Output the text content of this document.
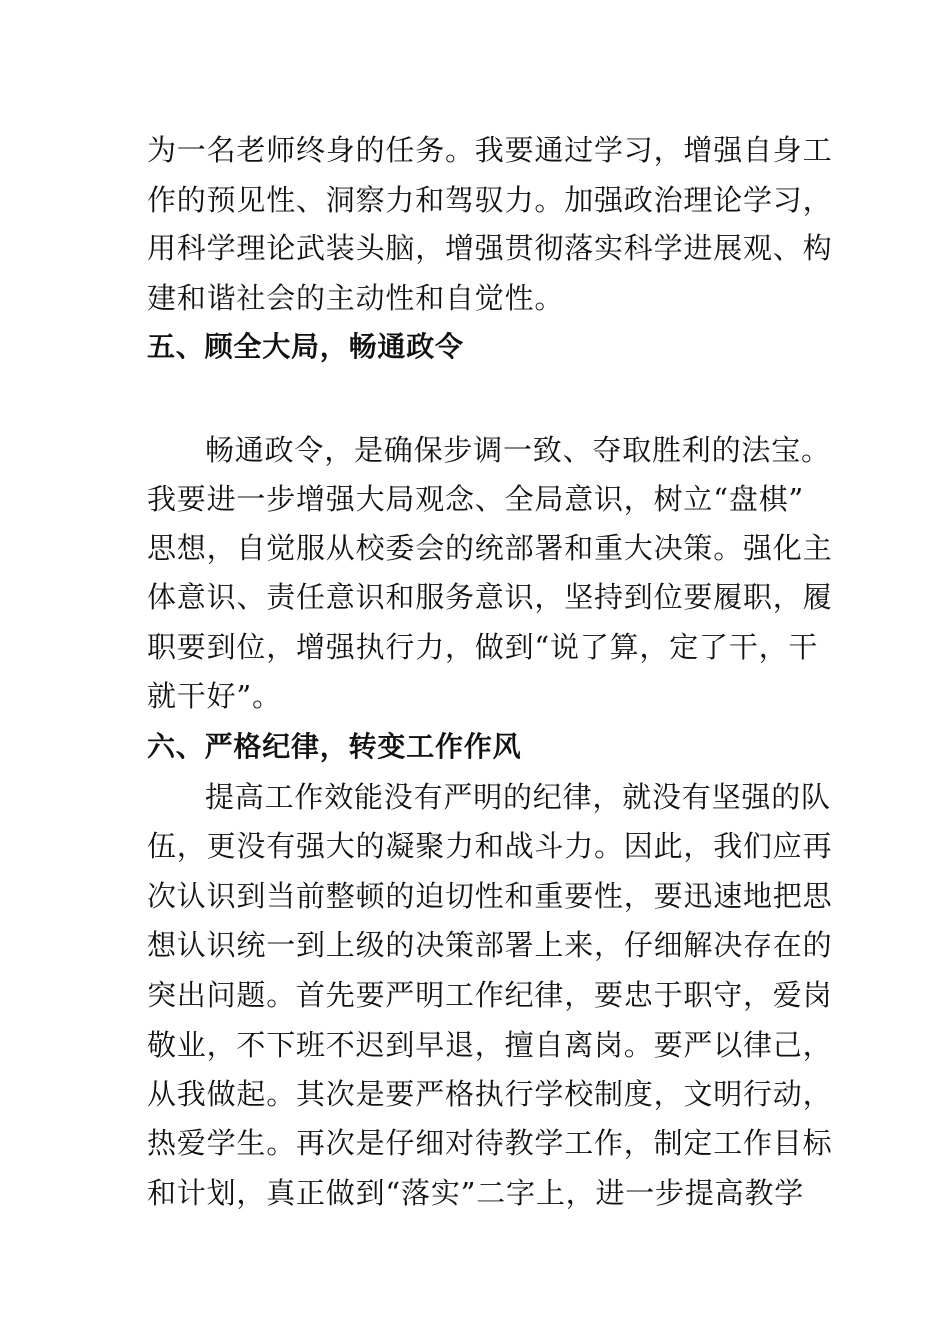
为一名老师终身的任务。我要通过学习，增强自身工
作的预见性、洞察力和驾驭力。加强政治理论学习，
用科学理论武装头脑，增强贯彻落实科学进展观、构
建和谐社会的主动性和自觉性。
五、顾全大局，畅通政令
畅通政令，是确保步调一致、夺取胜利的法宝。
我要进一步增强大局观念、全局意识，树立“盘棋”
思想，自觉服从校委会的统部署和重大决策。强化主
体意识、责任意识和服务意识，坚持到位要履职，履
职要到位，增强执行力，做到“说了算，定了干，干
就干好”。
六、严格纪律，转变工作作风
提高工作效能没有严明的纪律，就没有坚强的队
伍，更没有强大的凝聚力和战斗力。因此，我们应再
次认识到当前整顿的迫切性和重要性，要迅速地把思
想认识统一到上级的决策部署上来，仔细解决存在的
突出问题。首先要严明工作纪律，要忠于职守，爱岗
敬业，不下班不迟到早退，擅自离岗。要严以律己，
从我做起。其次是要严格执行学校制度，文明行动，
热爱学生。再次是仔细对待教学工作，制定工作目标
和计划，真正做到“落实”二字上，进一步提高教学
